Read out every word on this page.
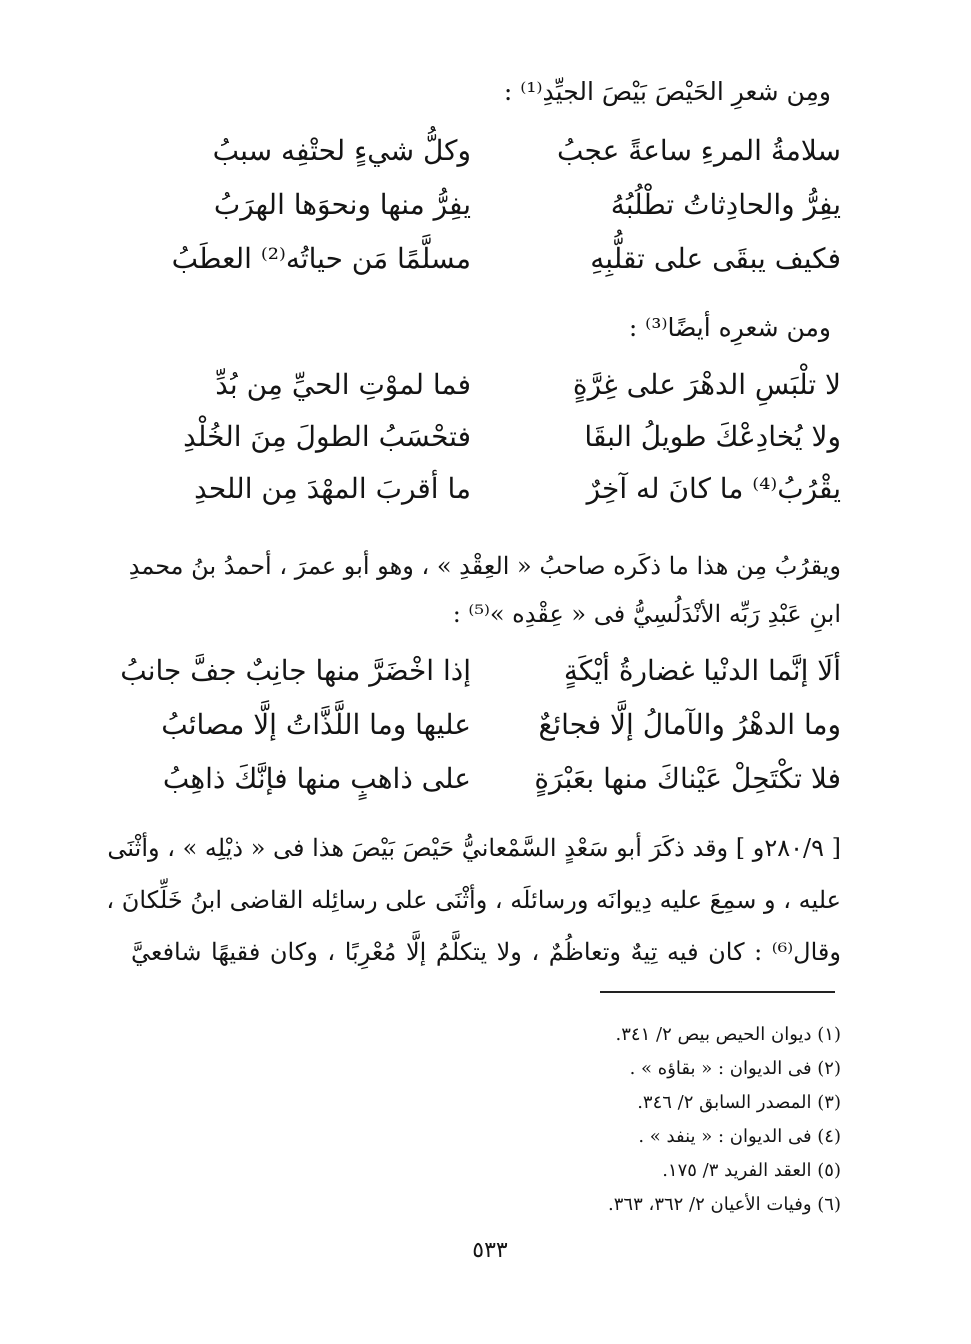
ومِن شعرِ الحَيْصَ بَيْصَ الجيِّدِ⁽¹⁾ :
سلامةُ المرءِ ساعةً عجبُ
وكلُّ شيءٍ لحتْفِه سببُ
يفِرُّ والحادِثاتُ تطْلُبُهُ
يفِرُّ منها ونحوَها الهرَبُ
فكيف يبقَى على تقلُّبِهِ
مسلَّمًا مَن حياتُه⁽²⁾ العطَبُ
ومن شعرِه أيضًا⁽³⁾ :
لا تلْبَسِ الدهْرَ على غِرَّةٍ
فما لموْتِ الحيِّ مِن بُدِّ
ولا يُخادِعْكَ طويلُ البقَا
فتحْسَبُ الطولَ مِنَ الخُلْدِ
يقْرُبُ⁽⁴⁾ ما كانَ له آخِرٌ
ما أقربَ المهْدَ مِن اللحدِ
ويقرُبُ مِن هذا ما ذكَره صاحبُ « العِقْدِ » ، وهو أبو عمرَ ، أحمدُ بنُ محمدِ
ابنِ عَبْدِ رَبِّه الأنْدَلُسِيُّ فى « عِقْدِه »⁽⁵⁾ :
ألَا إنَّما الدنْيا غضارةُ أيْكَةٍ
إذا اخْضَرَّ منها جانِبٌ جفَّ جانبُ
وما الدهْرُ والآمالُ إلَّا فجائعٌ
عليها وما اللَّذَّاتُ إلَّا مصائبُ
فلا تكْتَحِلْ عَيْناكَ منها بعَبْرَةٍ
على ذاهبٍ منها فإنَّكَ ذاهِبُ
[ ٢٨٠/٩و ] وقد ذكَرَ أبو سَعْدٍ السَّمْعانيُّ حَيْصَ بَيْصَ هذا فى « ذيْلِه » ، وأثْنَى
عليه ، و سمِعَ عليه دِيوانَه ورسائلَه ، وأثْنَى على رسائِله القاضى ابنُ خَلِّكانَ ،
وقال⁽⁶⁾ : كان فيه تِيهٌ وتعاظُمٌ ، ولا يتكلَّمُ إلَّا مُعْرِبًا ، وكان فقيهًا شافعيَّ
(١) ديوان الحيص بيص ٢/ ٣٤١.
(٢) فى الديوان : « بقاؤه » .
(٣) المصدر السابق ٢/ ٣٤٦.
(٤) فى الديوان : « ينفد » .
(٥) العقد الفريد ٣/ ١٧٥.
(٦) وفيات الأعيان ٢/ ٣٦٢، ٣٦٣.
٥٣٣
